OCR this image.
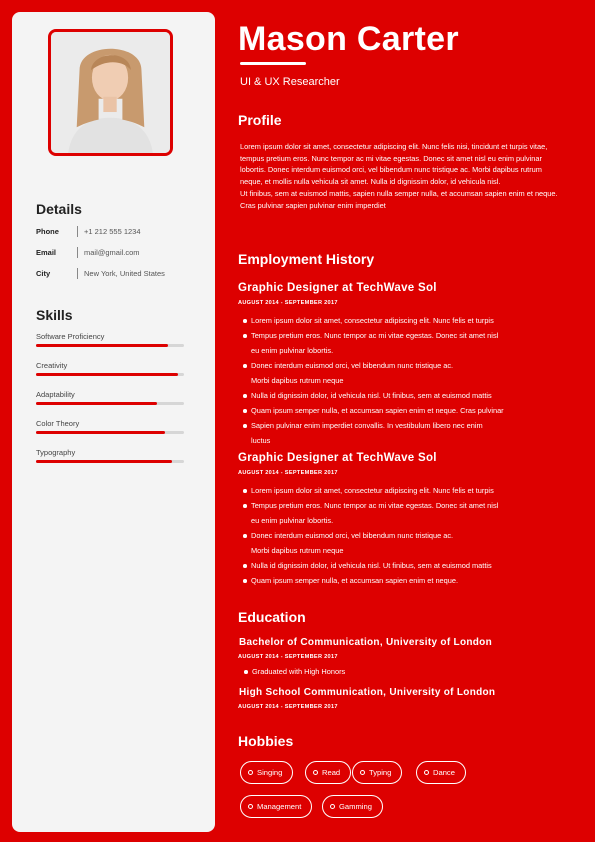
Details
Phone	+1 212 555 1234
Email	mail@gmail.com
City	New York, United States
Skills
Software Proficiency
Creativity
Adaptability
Color Theory
Typography
Mason Carter
UI & UX Researcher
Profile
Lorem ipsum dolor sit amet, consectetur adipiscing elit. Nunc felis nisi, tincidunt et turpis vitae, tempus pretium eros. Nunc tempor ac mi vitae egestas. Donec sit amet nisl eu enim pulvinar lobortis. Donec interdum euismod orci, vel bibendum nunc tristique ac. Morbi dapibus rutrum neque, et mollis nulla vehicula sit amet. Nulla id dignissim dolor, id vehicula nisl.
Ut finibus, sem at euismod mattis, sapien nulla semper nulla, et accumsan sapien enim et neque. Cras pulvinar sapien pulvinar enim imperdiet
Employment History
Graphic Designer at TechWave Sol
AUGUST 2014 - SEPTEMBER 2017
Lorem ipsum dolor sit amet, consectetur adipiscing elit. Nunc felis et turpis
Tempus pretium eros. Nunc tempor ac mi vitae egestas. Donec sit amet nisl
eu enim pulvinar lobortis.
Donec interdum euismod orci, vel bibendum nunc tristique ac.
Morbi dapibus rutrum neque
Nulla id dignissim dolor, id vehicula nisl. Ut finibus, sem at euismod mattis
Quam ipsum semper nulla, et accumsan sapien enim et neque. Cras pulvinar
Sapien pulvinar enim imperdiet convallis. In vestibulum libero nec enim
luctus
Graphic Designer at TechWave Sol
AUGUST 2014 - SEPTEMBER 2017
Lorem ipsum dolor sit amet, consectetur adipiscing elit. Nunc felis et turpis
Tempus pretium eros. Nunc tempor ac mi vitae egestas. Donec sit amet nisl
eu enim pulvinar lobortis.
Donec interdum euismod orci, vel bibendum nunc tristique ac.
Morbi dapibus rutrum neque
Nulla id dignissim dolor, id vehicula nisl. Ut finibus, sem at euismod mattis
Quam ipsum semper nulla, et accumsan sapien enim et neque.
Education
Bachelor of Communication, University of London
AUGUST 2014 - SEPTEMBER 2017
Graduated with High Honors
High School Communication, University of London
AUGUST 2014 - SEPTEMBER 2017
Hobbies
Singing	Read	Typing	Dance
Management	Gamming
